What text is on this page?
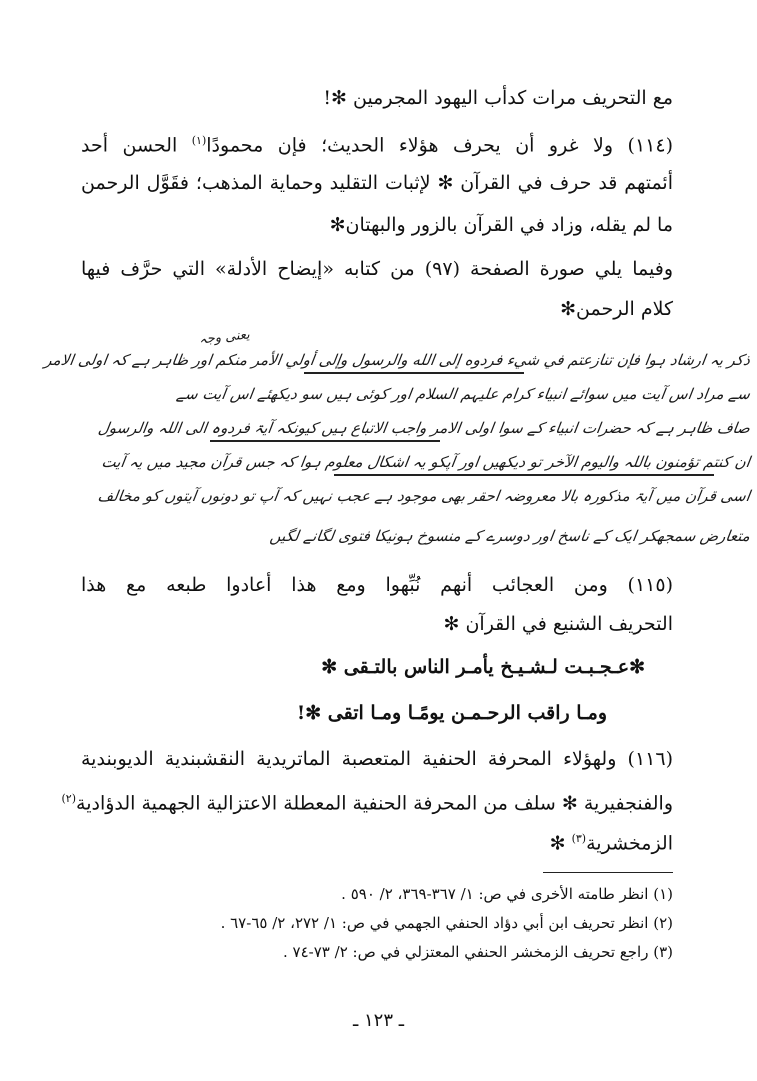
مع التحريف مرات كدأب اليهود المجرمين ✻!
(١١٤) ولا غرو أن يحرف هؤلاء الحديث؛ فإن محمودًا$^{(١)}$ الحسن أحد
أئمتهم قد حرف في القرآن ✻ لإثبات التقليد وحماية المذهب؛ فقَوَّل الرحمن
ما لم يقله، وزاد في القرآن بالزور والبهتان✻
وفيما يلي صورة الصفحة (٩٧) من كتابه «إيضاح الأدلة» التي حرَّف فيها
كلام الرحمن✻
یعنی وجہ
ذكر یہ ارشاد ہوا فإن تنازعتم في شيء فردوه إلى الله والرسول وإلى أولي الأمر منكم اور ظاہر ہے کہ اولی الامر
سے مراد اس آیت میں سوائے انبیاء کرام علیہم السلام اور کوئی ہیں سو دیکھئے اس آیت سے
صاف ظاہر ہے کہ حضرات انبیاء کے سوا اولی الامر واجب الاتباع ہیں کیونکہ آیۃ فردوہ الی اللہ والرسول
ان کنتم تؤمنون باللہ والیوم الآخر تو دیکھیں اور آپکو یہ اشکال معلوم ہوا کہ جس قرآن مجید میں یہ آیت
اسی قرآن میں آیۃ مذکورہ بالا معروضہ احقر بھی موجود ہے عجب نہیں کہ آپ تو دونوں آیتوں کو مخالف
متعارض سمجھکر ایک کے ناسخ اور دوسرے کے منسوخ ہونیکا فتوی لگانے لگیں
(١١٥) ومن العجائب أنهم نُبِّهوا ومع هذا أعادوا طبعه مع هذا
التحريف الشنيع في القرآن ✻
✻عـجـبـت لـشـيـخ يأمـر الناس بالتـقى ✻
ومـا راقب الرحـمـن يومًـا ومـا اتقى ✻!
(١١٦) ولهؤلاء المحرفة الحنفية المتعصبة الماتريدية النقشبندية الديوبندية
والفنجفيرية ✻ سلف من المحرفة الحنفية المعطلة الاعتزالية الجهمية الدؤادية$^{(٢)}$
الزمخشرية$^{(٣)}$ ✻
(١) انظر طامته الأخرى في ص: ١/ ٣٦٧-٣٦٩، ٢/ ٥٩٠ .
(٢) انظر تحريف ابن أبي دؤاد الحنفي الجهمي في ص: ١/ ٢٧٢، ٢/ ٦٥-٦٧ .
(٣) راجع تحريف الزمخشر الحنفي المعتزلي في ص: ٢/ ٧٣-٧٤ .
ـ ١٢٣ ـ
